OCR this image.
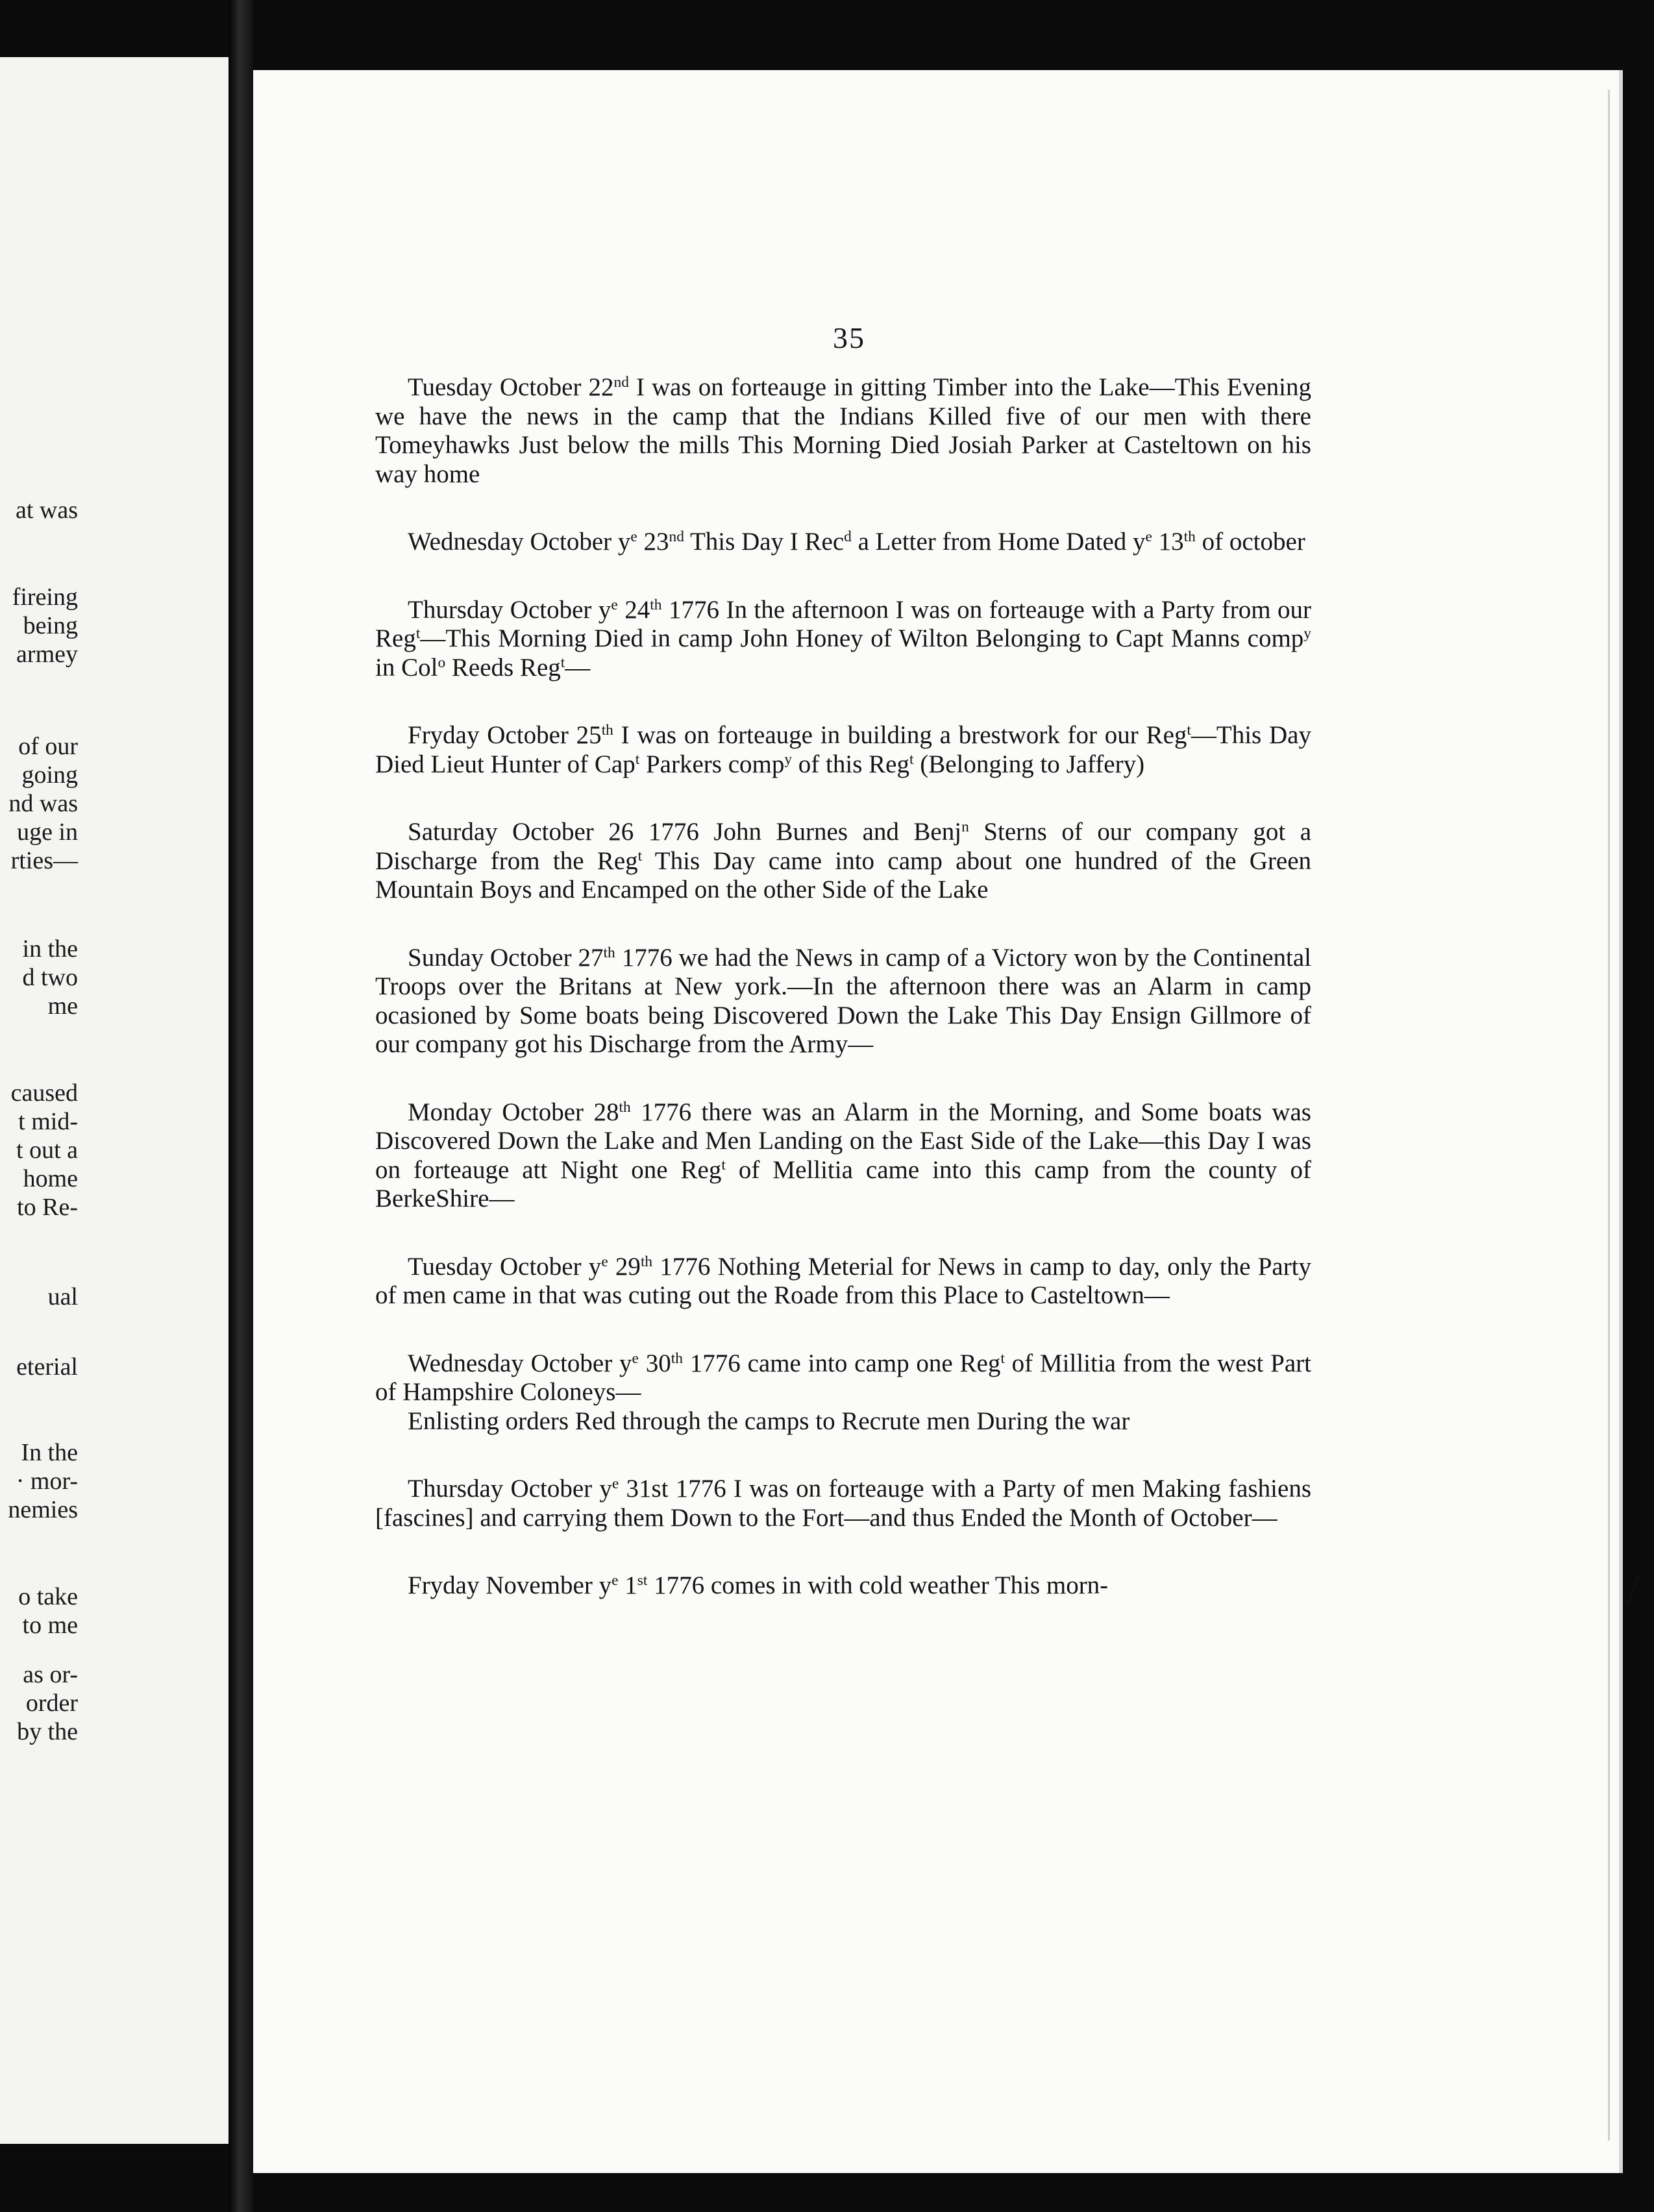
at was
fireing
being
armey
of our
going
nd was
uge in
rties—
in the
d two
me
caused
t mid-
t out a
home
to Re-
ual
eterial
In the
· mor-
nemies
o take
to me
as or-
order
by the
35
Tuesday October 22nd I was on forteauge in gitting Timber into the Lake—This Evening we have the news in the camp that the Indians Killed five of our men with there Tomeyhawks Just below the mills This Morning Died Josiah Parker at Casteltown on his way home
Wednesday October $y^e$ 23nd This Day I Rec$^d$ a Letter from Home Dated $y^e$ 13th of october
Thursday October $y^e$ 24th 1776 In the afternoon I was on forteauge with a Party from our Reg$^t$—This Morning Died in camp John Honey of Wilton Belonging to Capt Manns comp$^y$ in Col$^o$ Reeds Reg$^t$—
Fryday October 25th I was on forteauge in building a brestwork for our Reg$^t$—This Day Died Lieut Hunter of Cap$^t$ Parkers comp$^y$ of this Reg$^t$ (Belonging to Jaffery)
Saturday October 26 1776 John Burnes and Benj$^n$ Sterns of our company got a Discharge from the Reg$^t$ This Day came into camp about one hundred of the Green Mountain Boys and Encamped on the other Side of the Lake
Sunday October 27th 1776 we had the News in camp of a Victory won by the Continental Troops over the Britans at New york.—In the afternoon there was an Alarm in camp ocasioned by Some boats being Discovered Down the Lake This Day Ensign Gillmore of our company got his Discharge from the Army—
Monday October 28th 1776 there was an Alarm in the Morning, and Some boats was Discovered Down the Lake and Men Landing on the East Side of the Lake—this Day I was on forteauge att Night one Reg$^t$ of Mellitia came into this camp from the county of BerkeShire—
Tuesday October $y^e$ 29th 1776 Nothing Meterial for News in camp to day, only the Party of men came in that was cuting out the Roade from this Place to Casteltown—
Wednesday October $y^e$ 30th 1776 came into camp one Reg$^t$ of Millitia from the west Part of Hampshire Coloneys—

Enlisting orders Red through the camps to Recrute men During the war

Thursday October $y^e$ 31st 1776 I was on forteauge with a Party of men Making fashiens [fascines] and carrying them Down to the Fort—and thus Ended the Month of October—
Fryday November $y^e$ 1st 1776 comes in with cold weather This morn-	/
